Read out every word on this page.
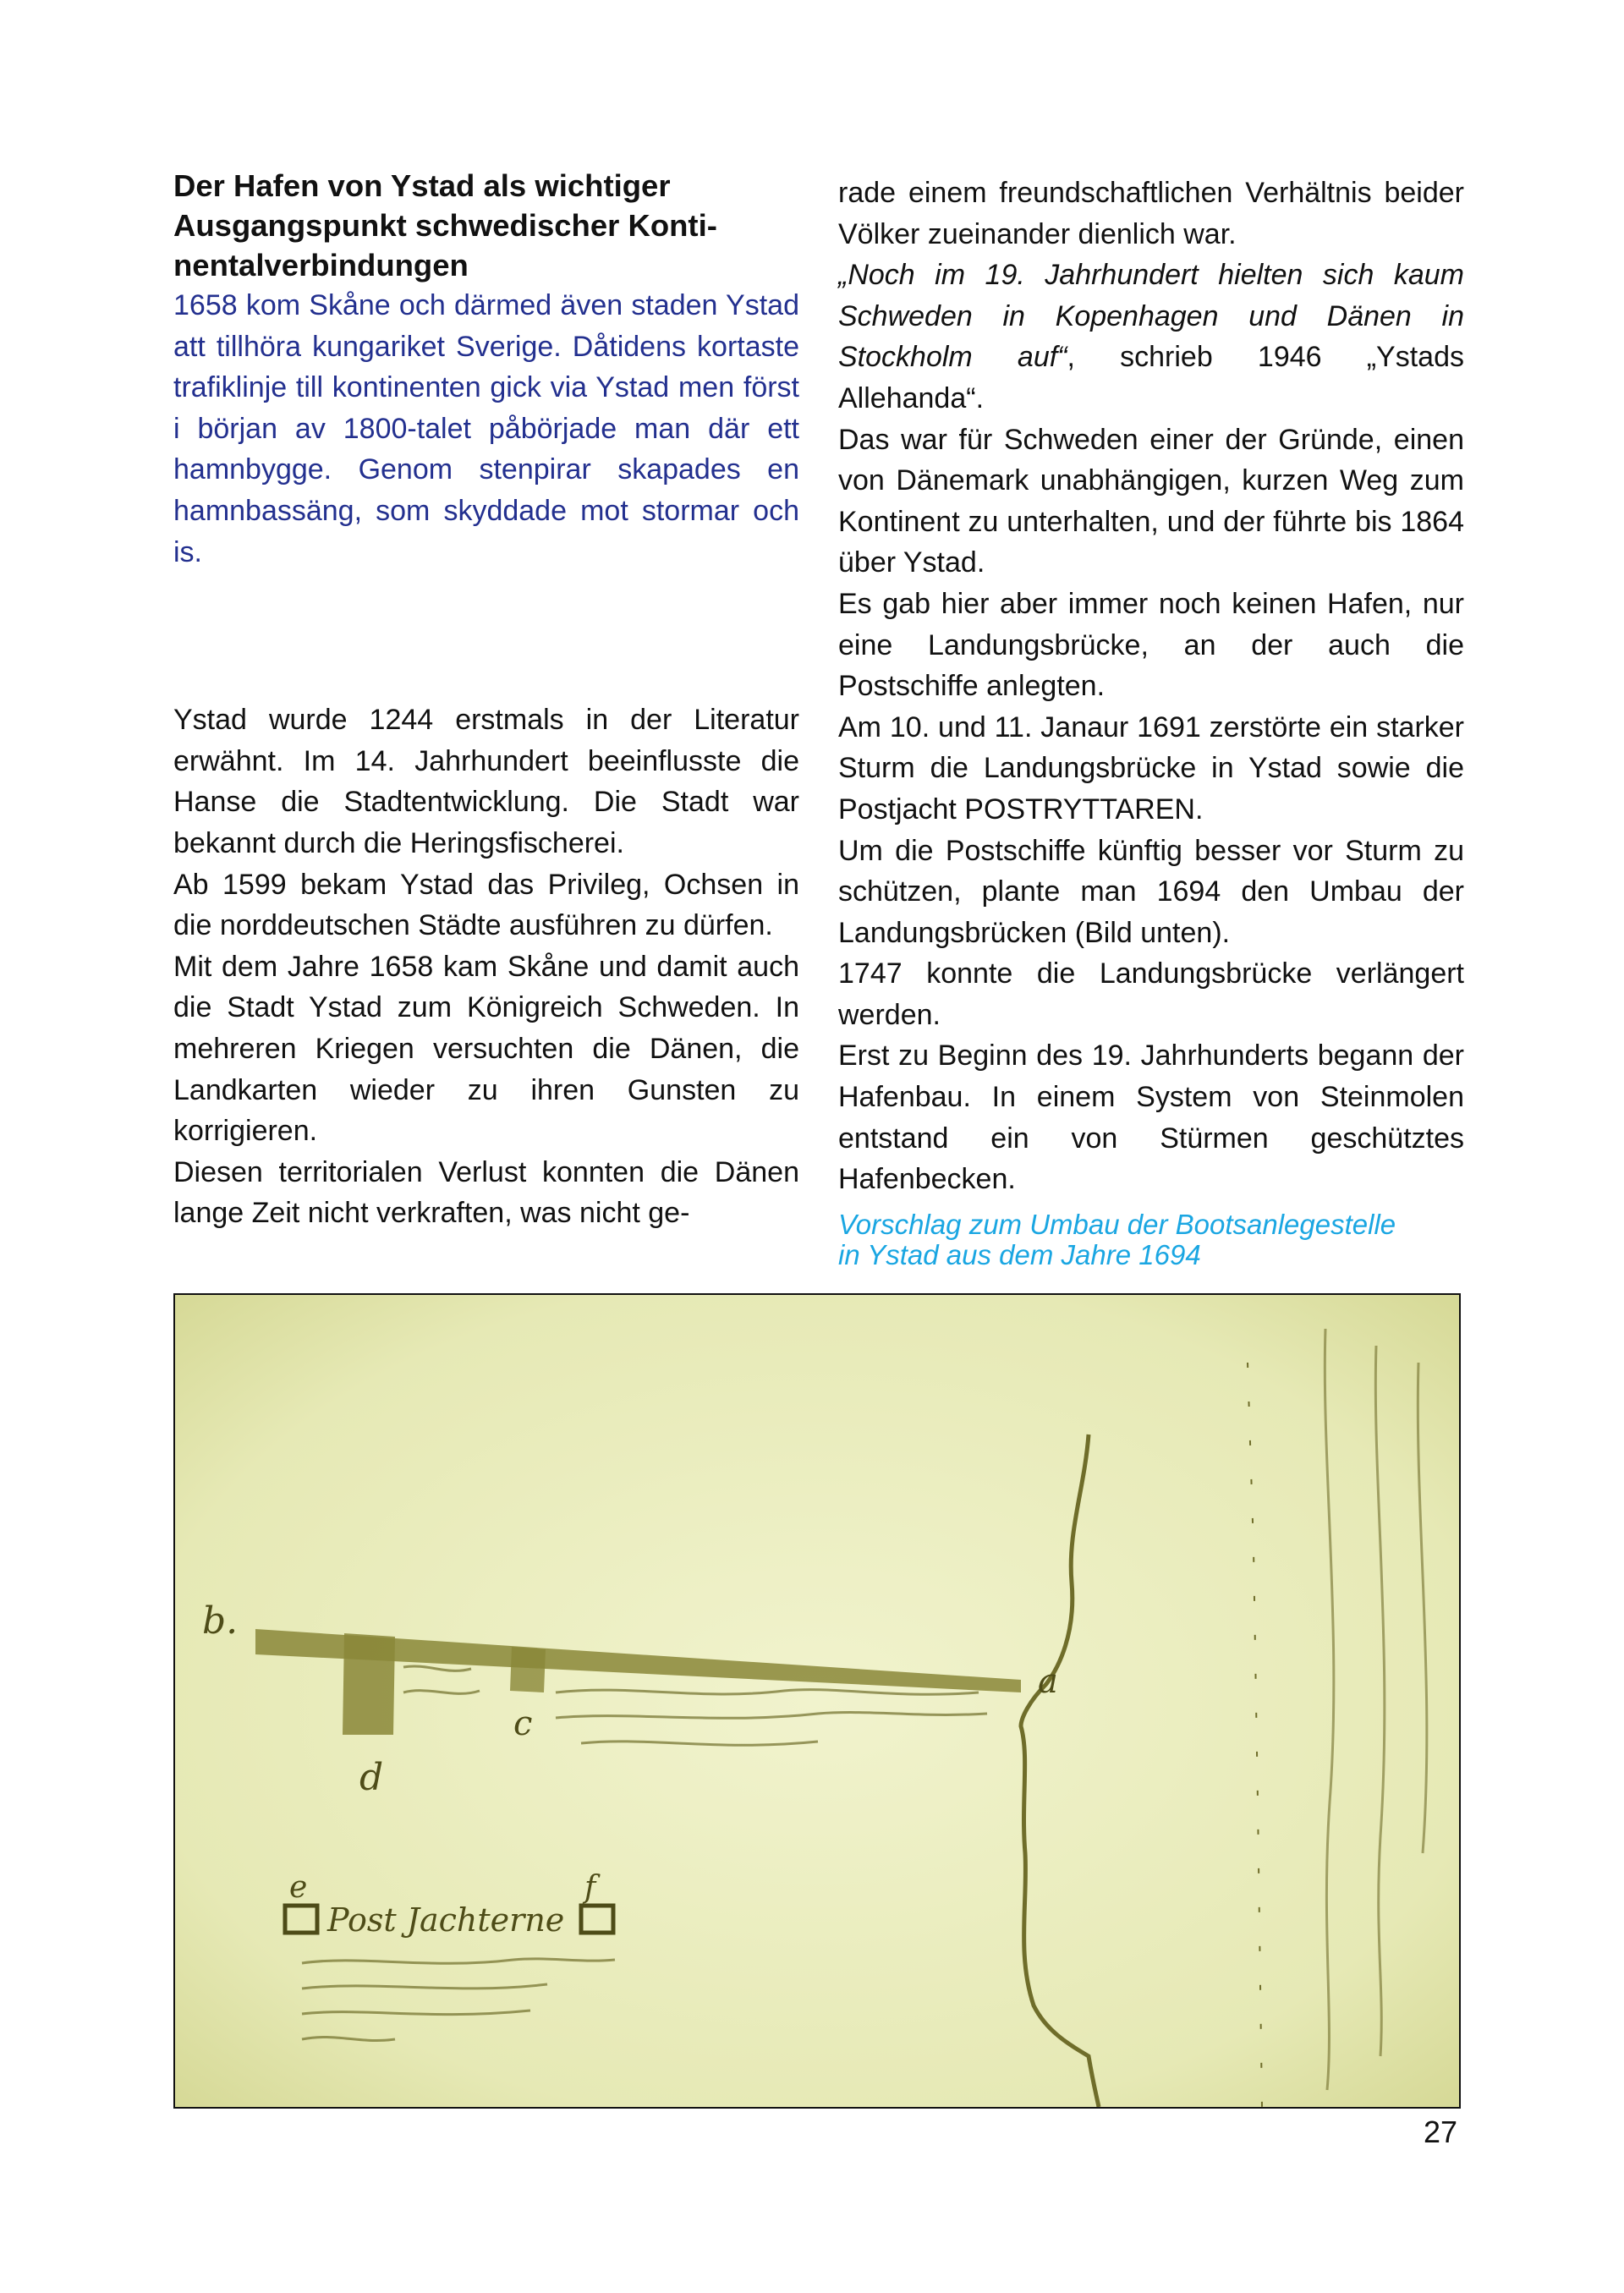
Der Hafen von Ystad als wichtiger Ausgangspunkt schwedischer Konti-nentalverbindungen

1658 kom Skåne och därmed även staden Ystad att tillhöra kungariket Sverige. Dåtidens kortaste trafiklinje till kontinenten gick via Ystad men först i början av 1800-talet påbörjade man där ett hamnbygge. Genom stenpirar skapades en hamnbassäng, som skyddade mot stormar och is.

Ystad wurde 1244 erstmals in der Literatur erwähnt. Im 14. Jahrhundert beeinflusste die Hanse die Stadtentwicklung. Die Stadt war bekannt durch die Heringsfischerei.

Ab 1599 bekam Ystad das Privileg, Ochsen in die norddeutschen Städte ausführen zu dürfen.

Mit dem Jahre 1658 kam Skåne und damit auch die Stadt Ystad zum Königreich Schweden. In mehreren Kriegen versuchten die Dänen, die Landkarten wieder zu ihren Gunsten zu korrigieren.

Diesen territorialen Verlust konnten die Dänen lange Zeit nicht verkraften, was nicht ge-

rade einem freundschaftlichen Verhältnis beider Völker zueinander dienlich war.

„Noch im 19. Jahrhundert hielten sich kaum Schweden in Kopenhagen und Dänen in Stockholm auf“, schrieb 1946 „Ystads Allehanda“.

Das war für Schweden einer der Gründe, einen von Dänemark unabhängigen, kurzen Weg zum Kontinent zu unterhalten, und der führte bis 1864 über Ystad.

Es gab hier aber immer noch keinen Hafen, nur eine Landungsbrücke, an der auch die Postschiffe anlegten.

Am 10. und 11. Janaur 1691 zerstörte ein starker Sturm die Landungsbrücke in Ystad sowie die Postjacht POSTRYTTAREN.

Um die Postschiffe künftig besser vor Sturm zu schützen, plante man 1694 den Umbau der Landungsbrücken (Bild unten).

1747 konnte die Landungsbrücke verlängert werden.

Erst zu Beginn des 19. Jahrhunderts begann der Hafenbau. In einem System von Steinmolen entstand ein von Stürmen geschütztes Hafenbecken.

Vorschlag zum Umbau der Bootsanlegestelle
in Ystad aus dem Jahre 1694
b.
a
c
d
e	f
Post Jachterne
27
